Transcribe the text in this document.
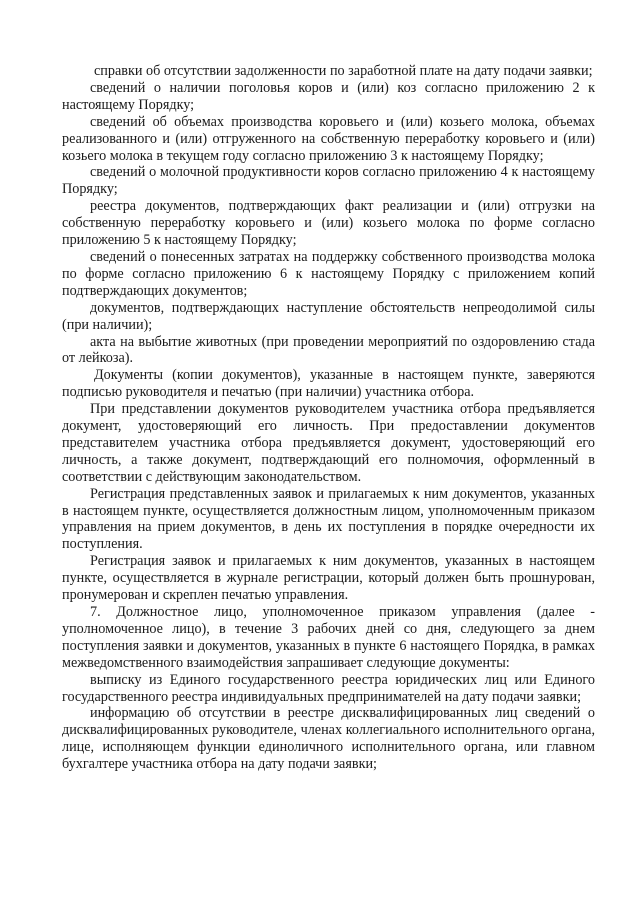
справки об отсутствии задолженности по заработной плате на дату подачи заявки;

сведений о наличии поголовья коров и (или) коз согласно приложению 2 к настоящему Порядку;

сведений об объемах производства коровьего и (или) козьего молока, объемах реализованного и (или) отгруженного на собственную переработку коровьего и (или) козьего молока в текущем году согласно приложению 3 к настоящему Порядку;

сведений о молочной продуктивности коров согласно приложению 4 к настоящему Порядку;

реестра документов, подтверждающих факт реализации и (или) отгрузки на собственную переработку коровьего и (или) козьего молока по форме согласно приложению 5 к настоящему Порядку;

сведений о понесенных затратах на поддержку собственного производства молока по форме согласно приложению 6 к настоящему Порядку с приложением копий подтверждающих документов;

документов, подтверждающих наступление обстоятельств непреодолимой силы (при наличии);

акта на выбытие животных (при проведении мероприятий по оздоровлению стада от лейкоза).

Документы (копии документов), указанные в настоящем пункте, заверяются подписью руководителя и печатью (при наличии) участника отбора.

При представлении документов руководителем участника отбора предъявляется документ, удостоверяющий его личность. При предоставлении документов представителем участника отбора предъявляется документ, удостоверяющий его личность, а также документ, подтверждающий его полномочия, оформленный в соответствии с действующим законодательством.

Регистрация представленных заявок и прилагаемых к ним документов, указанных в настоящем пункте, осуществляется должностным лицом, уполномоченным приказом управления на прием документов, в день их поступления в порядке очередности их поступления.

Регистрация заявок и прилагаемых к ним документов, указанных в настоящем пункте, осуществляется в журнале регистрации, который должен быть прошнурован, пронумерован и скреплен печатью управления.

7. Должностное лицо, уполномоченное приказом управления (далее - уполномоченное лицо), в течение 3 рабочих дней со дня, следующего за днем поступления заявки и документов, указанных в пункте 6 настоящего Порядка, в рамках межведомственного взаимодействия запрашивает следующие документы:

выписку из Единого государственного реестра юридических лиц или Единого государственного реестра индивидуальных предпринимателей на дату подачи заявки;

информацию об отсутствии в реестре дисквалифицированных лиц сведений о дисквалифицированных руководителе, членах коллегиального исполнительного органа, лице, исполняющем функции единоличного исполнительного органа, или главном бухгалтере участника отбора на дату подачи заявки;
